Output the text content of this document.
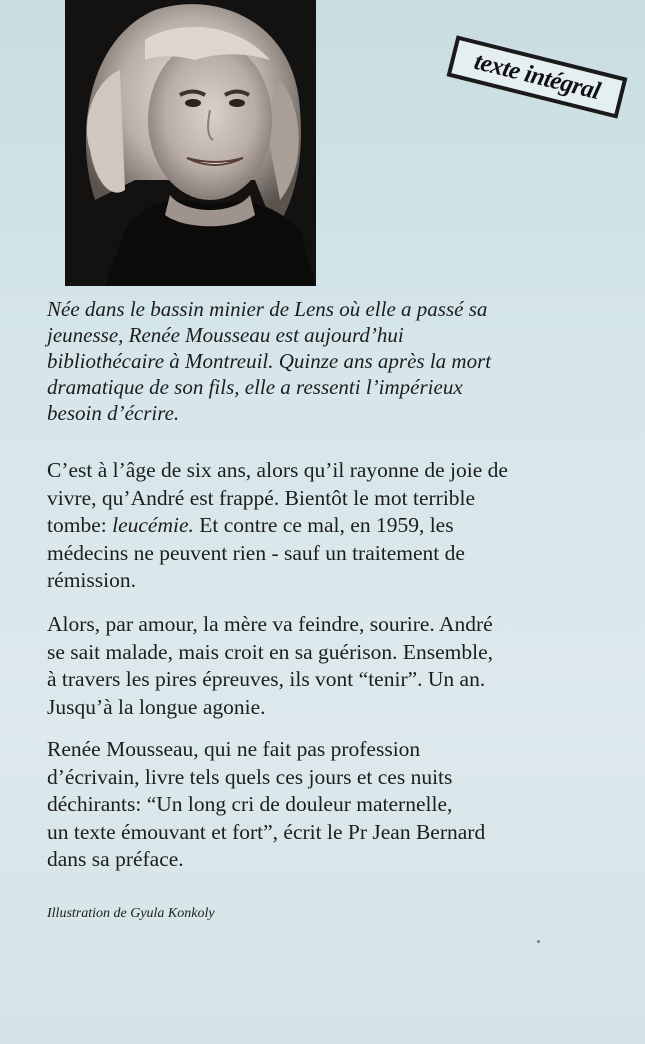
texte intégral

Née dans le bassin minier de Lens où elle a passé sa
jeunesse, Renée Mousseau est aujourd’hui
bibliothécaire à Montreuil. Quinze ans après la mort
dramatique de son fils, elle a ressenti l’impérieux
besoin d’écrire.

C’est à l’âge de six ans, alors qu’il rayonne de joie de
vivre, qu’André est frappé. Bientôt le mot terrible
tombe: leucémie. Et contre ce mal, en 1959, les
médecins ne peuvent rien - sauf un traitement de
rémission.

Alors, par amour, la mère va feindre, sourire. André
se sait malade, mais croit en sa guérison. Ensemble,
à travers les pires épreuves, ils vont “tenir”. Un an.
Jusqu’à la longue agonie.

Renée Mousseau, qui ne fait pas profession
d’écrivain, livre tels quels ces jours et ces nuits
déchirants: “Un long cri de douleur maternelle,
un texte émouvant et fort”, écrit le Pr Jean Bernard
dans sa préface.

Illustration de Gyula Konkoly
